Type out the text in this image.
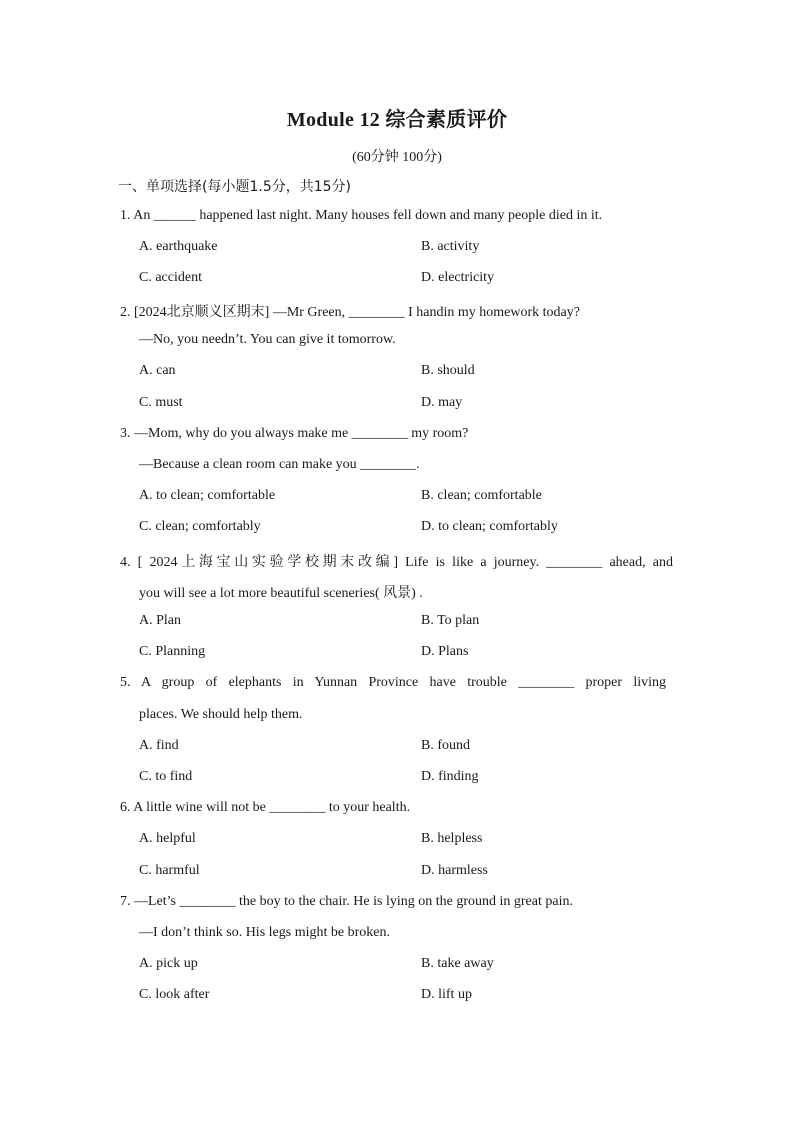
Module 12 综合素质评价
(60分钟 100分)
一、单项选择(每小题1.5分，共15分)
1. An ______ happened last night. Many houses fell down and many people died in it.
A. earthquake	B. activity
C. accident	D. electricity
2. [2024北京顺义区期末] —Mr Green, ________ I handin my homework today?
—No, you needn’t. You can give it tomorrow.
A. can	B. should
C. must	D. may
3. —Mom, why do you always make me ________ my room?
—Because a clean room can make you ________.
A. to clean; comfortable	B. clean; comfortable
C. clean; comfortably	D. to clean; comfortably
4. [ 2024上海宝山实验学校期末改编] Life is like a journey. ________ ahead, and
you will see a lot more beautiful sceneries( 风景) .
A. Plan	B. To plan
C. Planning	D. Plans
5. A group of elephants in Yunnan Province have trouble ________ proper living
places. We should help them.
A. find	B. found
C. to find	D. finding
6. A little wine will not be ________ to your health.
A. helpful	B. helpless
C. harmful	D. harmless
7. —Let’s ________ the boy to the chair. He is lying on the ground in great pain.
—I don’t think so. His legs might be broken.
A. pick up	B. take away
C. look after	D. lift up
